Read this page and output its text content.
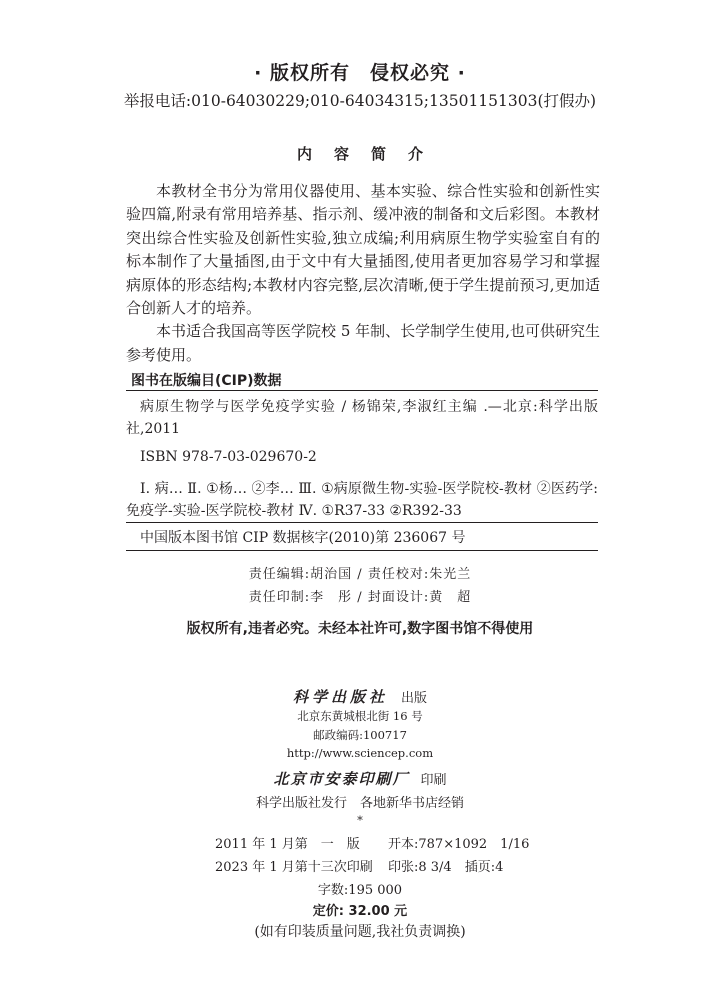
· 版权所有　侵权必究 ·
举报电话:010-64030229;010-64034315;13501151303(打假办)
内容简介

本教材全书分为常用仪器使用、基本实验、综合性实验和创新性实验四篇,附录有常用培养基、指示剂、缓冲液的制备和文后彩图。本教材突出综合性实验及创新性实验,独立成编;利用病原生物学实验室自有的标本制作了大量插图,由于文中有大量插图,使用者更加容易学习和掌握病原体的形态结构;本教材内容完整,层次清晰,便于学生提前预习,更加适合创新人才的培养。

本书适合我国高等医学院校 5 年制、长学制学生使用,也可供研究生参考使用。

图书在版编目(CIP)数据

病原生物学与医学免疫学实验 / 杨锦荣,李淑红主编 .—北京:科学出版社,2011

ISBN 978-7-03-029670-2

Ⅰ. 病… Ⅱ. ①杨… ②李… Ⅲ. ①病原微生物-实验-医学院校-教材 ②医药学:免疫学-实验-医学院校-教材 Ⅳ. ①R37-33 ②R392-33

中国版本图书馆 CIP 数据核字(2010)第 236067 号
责任编辑:胡治国 / 责任校对:朱光兰
责任印制:李　彤 / 封面设计:黄　超
版权所有,违者必究。未经本社许可,数字图书馆不得使用
科学出版社 出版
北京东黄城根北街 16 号
邮政编码:100717
http://www.sciencep.com
北京市安泰印刷厂 印刷
科学出版社发行　各地新华书店经销
*
2011 年 1 月第　一　版 开本:787×1092　1/16
2023 年 1 月第十三次印刷 印张:8 3/4　插页:4
字数:195 000
定价: 32.00 元
(如有印装质量问题,我社负责调换)
